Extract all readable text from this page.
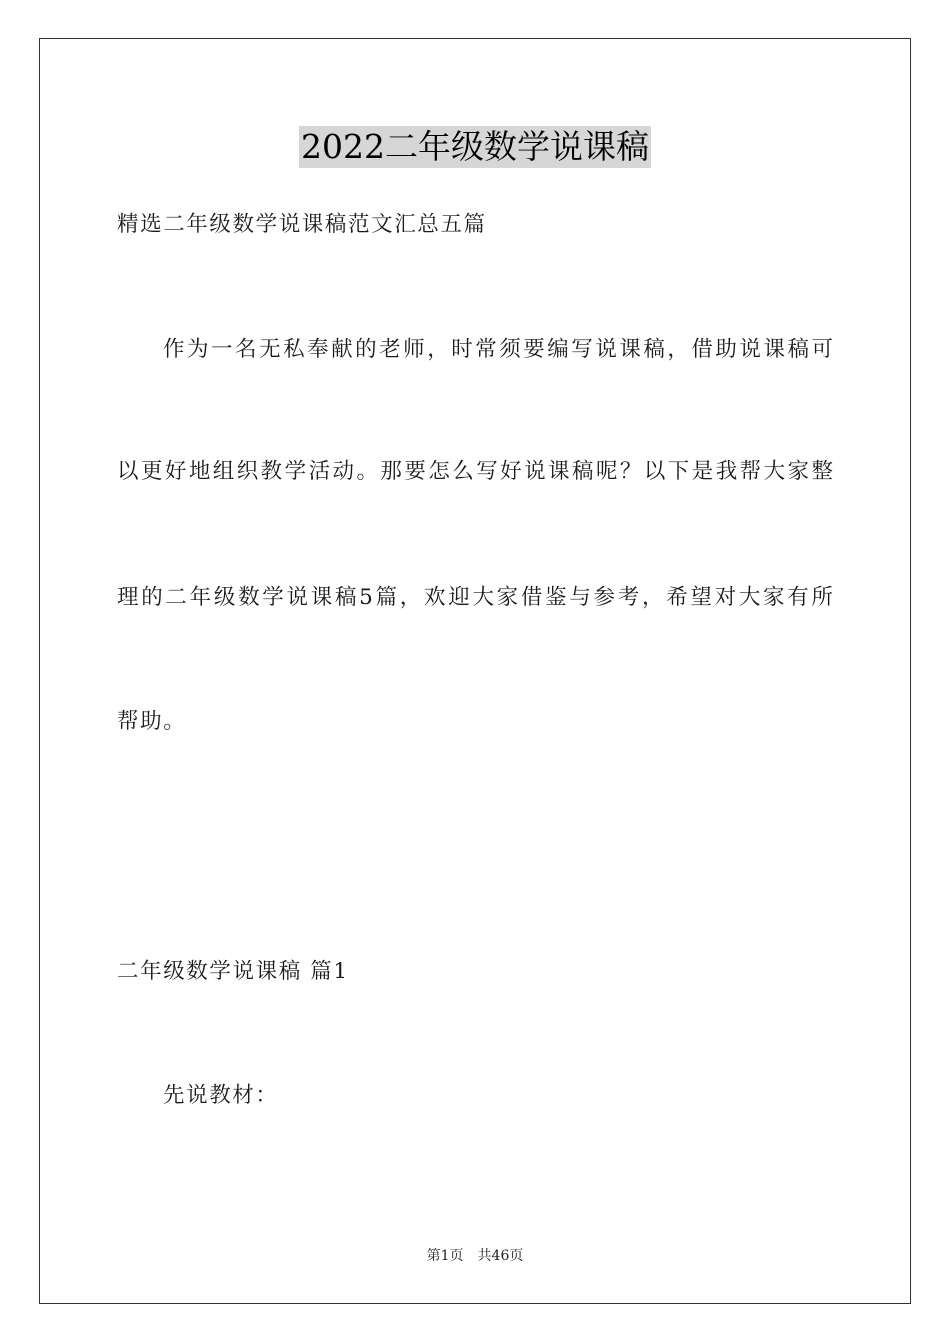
2022二年级数学说课稿
精选二年级数学说课稿范文汇总五篇
作为一名无私奉献的老师，时常须要编写说课稿，借助说课稿可
以更好地组织教学活动。那要怎么写好说课稿呢？以下是我帮大家整
理的二年级数学说课稿5篇，欢迎大家借鉴与参考，希望对大家有所
帮助。
二年级数学说课稿 篇1
先说教材：
第1页　共46页
